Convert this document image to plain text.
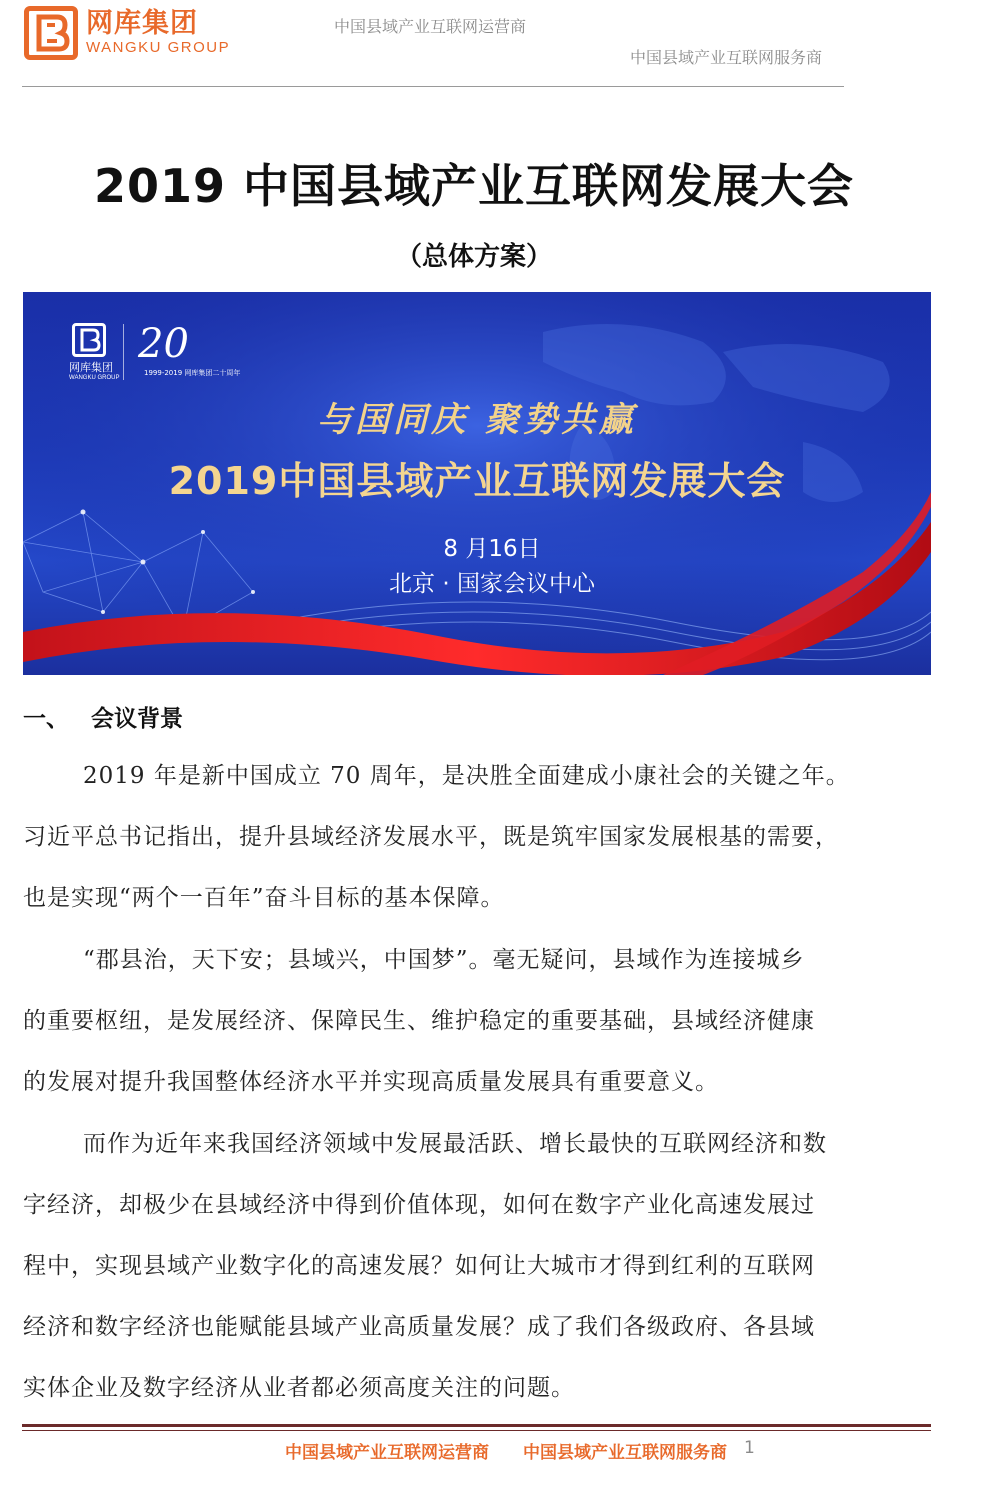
网库集团
WANGKU GROUP
中国县域产业互联网运营商
中国县域产业互联网服务商
2019 中国县域产业互联网发展大会
（总体方案）
网库集团
WANGKU GROUP
20
1999-2019 网库集团二十周年
与国同庆 聚势共赢
2019中国县域产业互联网发展大会
8 月16日
北京 · 国家会议中心
一、 会议背景
2019 年是新中国成立 70 周年，是决胜全面建成小康社会的关键之年。
习近平总书记指出，提升县域经济发展水平，既是筑牢国家发展根基的需要，
也是实现“两个一百年”奋斗目标的基本保障。
“郡县治，天下安；县域兴，中国梦”。毫无疑问，县域作为连接城乡
的重要枢纽，是发展经济、保障民生、维护稳定的重要基础，县域经济健康
的发展对提升我国整体经济水平并实现高质量发展具有重要意义。
而作为近年来我国经济领域中发展最活跃、增长最快的互联网经济和数
字经济，却极少在县域经济中得到价值体现，如何在数字产业化高速发展过
程中，实现县域产业数字化的高速发展？如何让大城市才得到红利的互联网
经济和数字经济也能赋能县域产业高质量发展？成了我们各级政府、各县域
实体企业及数字经济从业者都必须高度关注的问题。
中国县域产业互联网运营商 中国县域产业互联网服务商 1
